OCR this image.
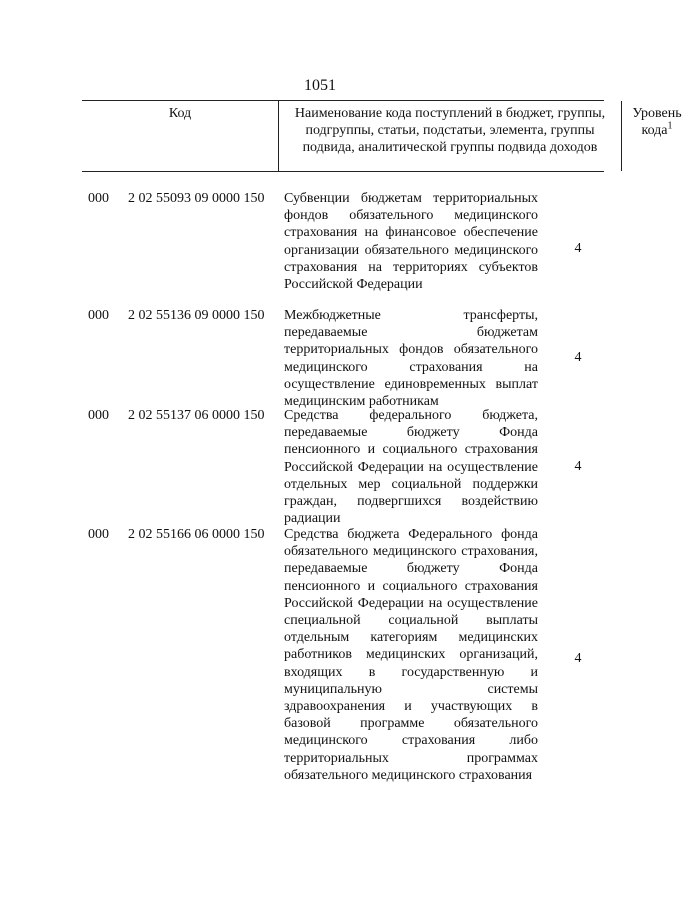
1051
Код	Наименование кода поступлений в бюджет, группы, подгруппы, статьи, подстатьи, элемента, группы подвида, аналитической группы подвида доходов
Уровень кода$^1$
000 2 02 55093 09 0000 150 Субвенции бюджетам территориальных фондов обязательного медицинского страхования на финансовое обеспечение организации обязательного медицинского страхования на территориях субъектов Российской Федерации
4
000 2 02 55136 09 0000 150 Межбюджетные трансферты, передаваемые бюджетам территориальных фондов обязательного медицинского страхования на осуществление единовременных выплат медицинским работникам
4
000 2 02 55137 06 0000 150 Средства федерального бюджета, передаваемые бюджету Фонда пенсионного и социального страхования Российской Федерации на осуществление отдельных мер социальной поддержки граждан, подвергшихся воздействию радиации
4
000 2 02 55166 06 0000 150 Средства бюджета Федерального фонда обязательного медицинского страхования, передаваемые бюджету Фонда пенсионного и социального страхования Российской Федерации на осуществление специальной социальной выплаты отдельным категориям медицинских работников медицинских организаций, входящих в государственную и муниципальную системы здравоохранения и участвующих в базовой программе обязательного медицинского страхования либо территориальных программах обязательного медицинского страхования
4
